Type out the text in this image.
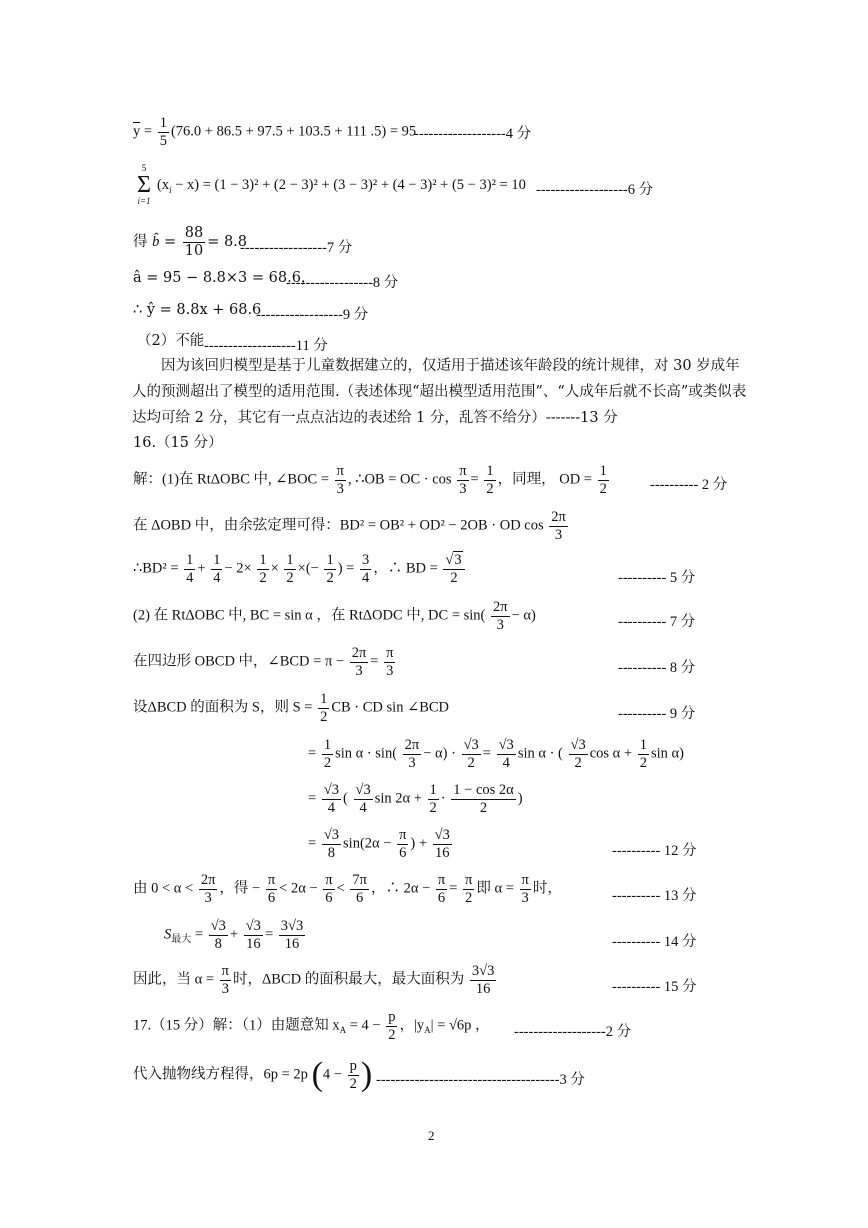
$\overline{y} = \frac{1}{5} (76.0 + 86.5 + 97.5 + 103.5 + 111$ .5) = 95
-------------------4 分
5
Σ
i=1
$(x_i - x) = (1 - 3)^2 + (2 - 3)^2 + (3 - 3)^2 + (4 - 3)^2 + (5 - 3)^2 = 10$ -------------------6 分
得 b̂ = $\frac{88}{10} = 8.8$
------------------7 分
â = 95 − 8.8×3 = 68.6，
------------------8 分
∴ ŷ = 8.8x + 68.6
------------------9 分
（2）不能 -------------------11 分
因为该回归模型是基于儿童数据建立的，仅适用于描述该年龄段的统计规律，对 30 岁成年人的预测超出了模型的适用范围.（表述体现“超出模型适用范围”、“人成年后就不长高”或类似表达均可给 2 分，其它有一点点沾边的表述给 1 分，乱答不给分）-------13 分
16.（15 分）
解：(1)在 RtΔOBC 中, ∠BOC = $\frac{\pi}{3}$ , ∴OB = OC · $\cos \frac{\pi}{3} = \frac{1}{2}$ ，同理， OD = $\frac{1}{2}$	---------- 2 分
在 ΔOBD 中，由余弦定理可得：BD² = OB² + OD² − 2OB · OD $\cos \frac{2\pi}{3}$
∴BD² = $\frac{1}{4} + \frac{1}{4} - 2\times \frac{1}{2} \times \frac{1}{2}$ ×(− $\frac{1}{2}$ ) = $\frac{3}{4}$ ，∴ BD = $\frac{√3}{2}$	---------- 5 分
(2) 在 RtΔOBC 中, BC = sin α ，在 RtΔODC 中, DC = $\sin( \frac{2\pi}{3} - \alpha)$	---------- 7 分
在四边形 OBCD 中，∠BCD = $\pi - \frac{2\pi}{3} = \frac{\pi}{3}$	---------- 8 分
设ΔBCD 的面积为 S，则 $S = \frac{1}{2}$ CB · CD sin ∠BCD	---------- 9 分
= $\frac{1}{2}$ $\sin \alpha \cdot \sin( \frac{2\pi}{3} - \alpha) \cdot \frac{√3}{2} = \frac{√3}{4}$ sin α · ( $\frac{√3}{2}$ $\cos \alpha + \frac{1}{2}$ sin α)
= $\frac{√3}{4}$ ( $\frac{√3}{4}$ $\sin 2\alpha + \frac{1}{2} \cdot \frac{1 - \cos 2\alpha}{2}$ )
= $\frac{√3}{8} \sin(2\alpha - \frac{\pi}{6}$ ) + $\frac{√3}{16}$	---------- 12 分
由 $0 < \alpha < \frac{2\pi}{3}$ ，得 − $\frac{\pi}{6} < 2\alpha - \frac{\pi}{6} < \frac{7\pi}{6}$ ，∴ $2\alpha - \frac{\pi}{6} = \frac{\pi}{2}$ 即 $\alpha = \frac{\pi}{3}$ 时，	---------- 13 分
$S_{最大} = \frac{√3}{8} + \frac{√3}{16} = \frac{3√3}{16}$	---------- 14 分
因此，当 $\alpha = \frac{\pi}{3}$ 时，ΔBCD 的面积最大，最大面积为 $\frac{3√3}{16}$	---------- 15 分
17.（15 分）解：（1）由题意知 $x_A = 4 - \frac{p}{2}$ ，$|y_A| = √6p$ ， -------------------2 分
代入抛物线方程得，6p = 2p ($4 - \frac{p}{2}$ ) --------------------------------------3 分
2
